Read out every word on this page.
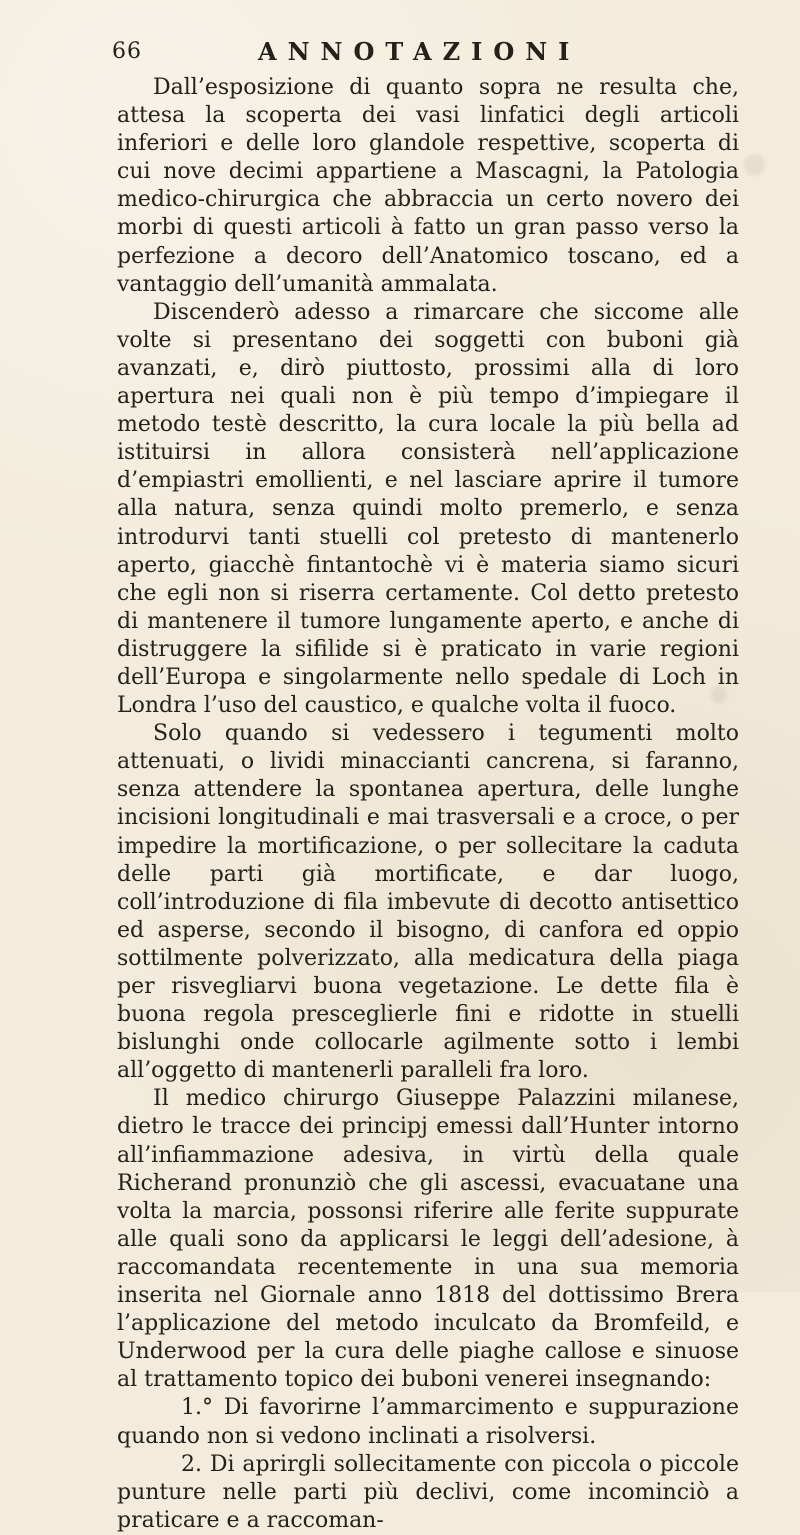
66	ANNOTAZIONI

Dall’esposizione di quanto sopra ne resulta che, attesa la scoperta dei vasi linfatici degli articoli inferiori e delle loro glandole respettive, scoperta di cui nove decimi appartiene a Mascagni, la Patologia medico-chirurgica che abbraccia un certo novero dei morbi di questi articoli à fatto un gran passo verso la perfezione a decoro dell’Anatomico toscano, ed a vantaggio dell’umanità ammalata.

Discenderò adesso a rimarcare che siccome alle volte si presentano dei soggetti con buboni già avanzati, e, dirò piuttosto, prossimi alla di loro apertura nei quali non è più tempo d’impiegare il metodo testè descritto, la cura locale la più bella ad istituirsi in allora consisterà nell’applicazione d’empiastri emollienti, e nel lasciare aprire il tumore alla natura, senza quindi molto premerlo, e senza introdurvi tanti stuelli col pretesto di mantenerlo aperto, giacchè fintantochè vi è materia siamo sicuri che egli non si riserra certamente. Col detto pretesto di mantenere il tumore lungamente aperto, e anche di distruggere la sifilide si è praticato in varie regioni dell’Europa e singolarmente nello spedale di Loch in Londra l’uso del caustico, e qualche volta il fuoco.

Solo quando si vedessero i tegumenti molto attenuati, o lividi minaccianti cancrena, si faranno, senza attendere la spontanea apertura, delle lunghe incisioni longitudinali e mai trasversali e a croce, o per impedire la mortificazione, o per sollecitare la caduta delle parti già mortificate, e dar luogo, coll’introduzione di fila imbevute di decotto antisettico ed asperse, secondo il bisogno, di canfora ed oppio sottilmente polverizzato, alla medicatura della piaga per risvegliarvi buona vegetazione. Le dette fila è buona regola presceglierle fini e ridotte in stuelli bislunghi onde collocarle agilmente sotto i lembi all’oggetto di mantenerli paralleli fra loro.

Il medico chirurgo Giuseppe Palazzini milanese, dietro le tracce dei principj emessi dall’Hunter intorno all’infiammazione adesiva, in virtù della quale Richerand pronunziò che gli ascessi, evacuatane una volta la marcia, possonsi riferire alle ferite suppurate alle quali sono da applicarsi le leggi dell’adesione, à raccomandata recentemente in una sua memoria inserita nel Giornale anno 1818 del dottissimo Brera l’applicazione del metodo inculcato da Bromfeild, e Underwood per la cura delle piaghe callose e sinuose al trattamento topico dei buboni venerei insegnando:

1.° Di favorirne l’ammarcimento e suppurazione quando non si vedono inclinati a risolversi.

2. Di aprirgli sollecitamente con piccola o piccole punture nelle parti più declivi, come incominciò a praticare e a raccoman-
